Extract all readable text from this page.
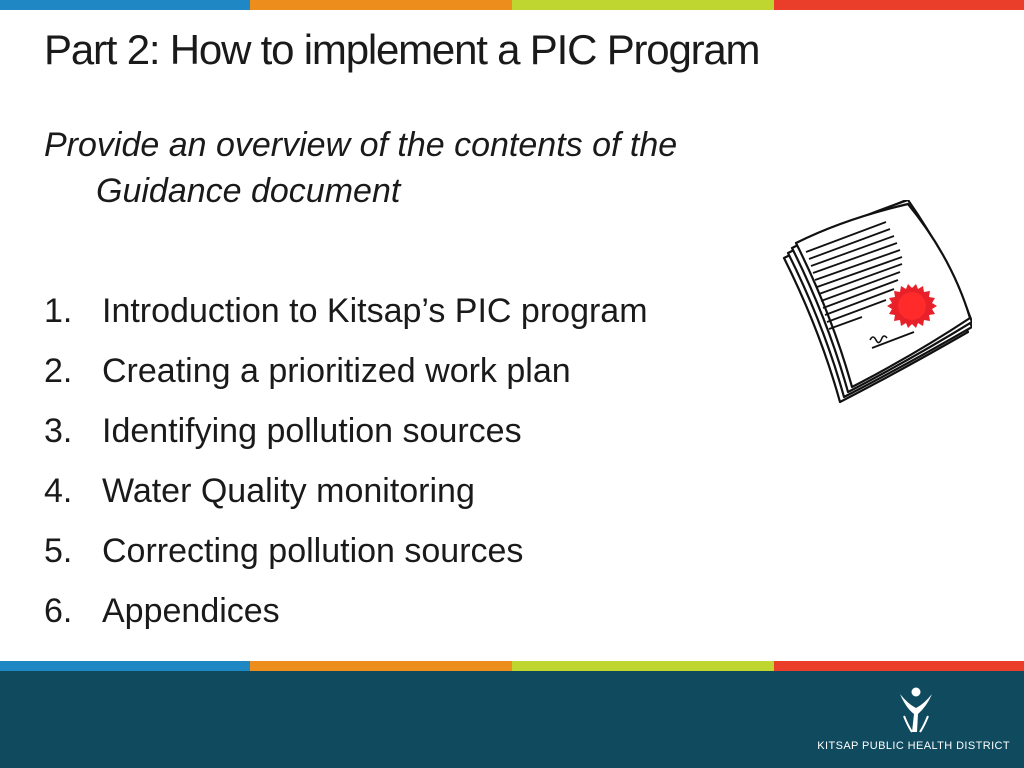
Part 2: How to implement a PIC Program
Provide an overview of the contents of the
Guidance document
1. Introduction to Kitsap’s PIC program
2. Creating a prioritized work plan
3. Identifying pollution sources
4. Water Quality monitoring
5. Correcting pollution sources
6. Appendices
KITSAP PUBLIC HEALTH DISTRICT
